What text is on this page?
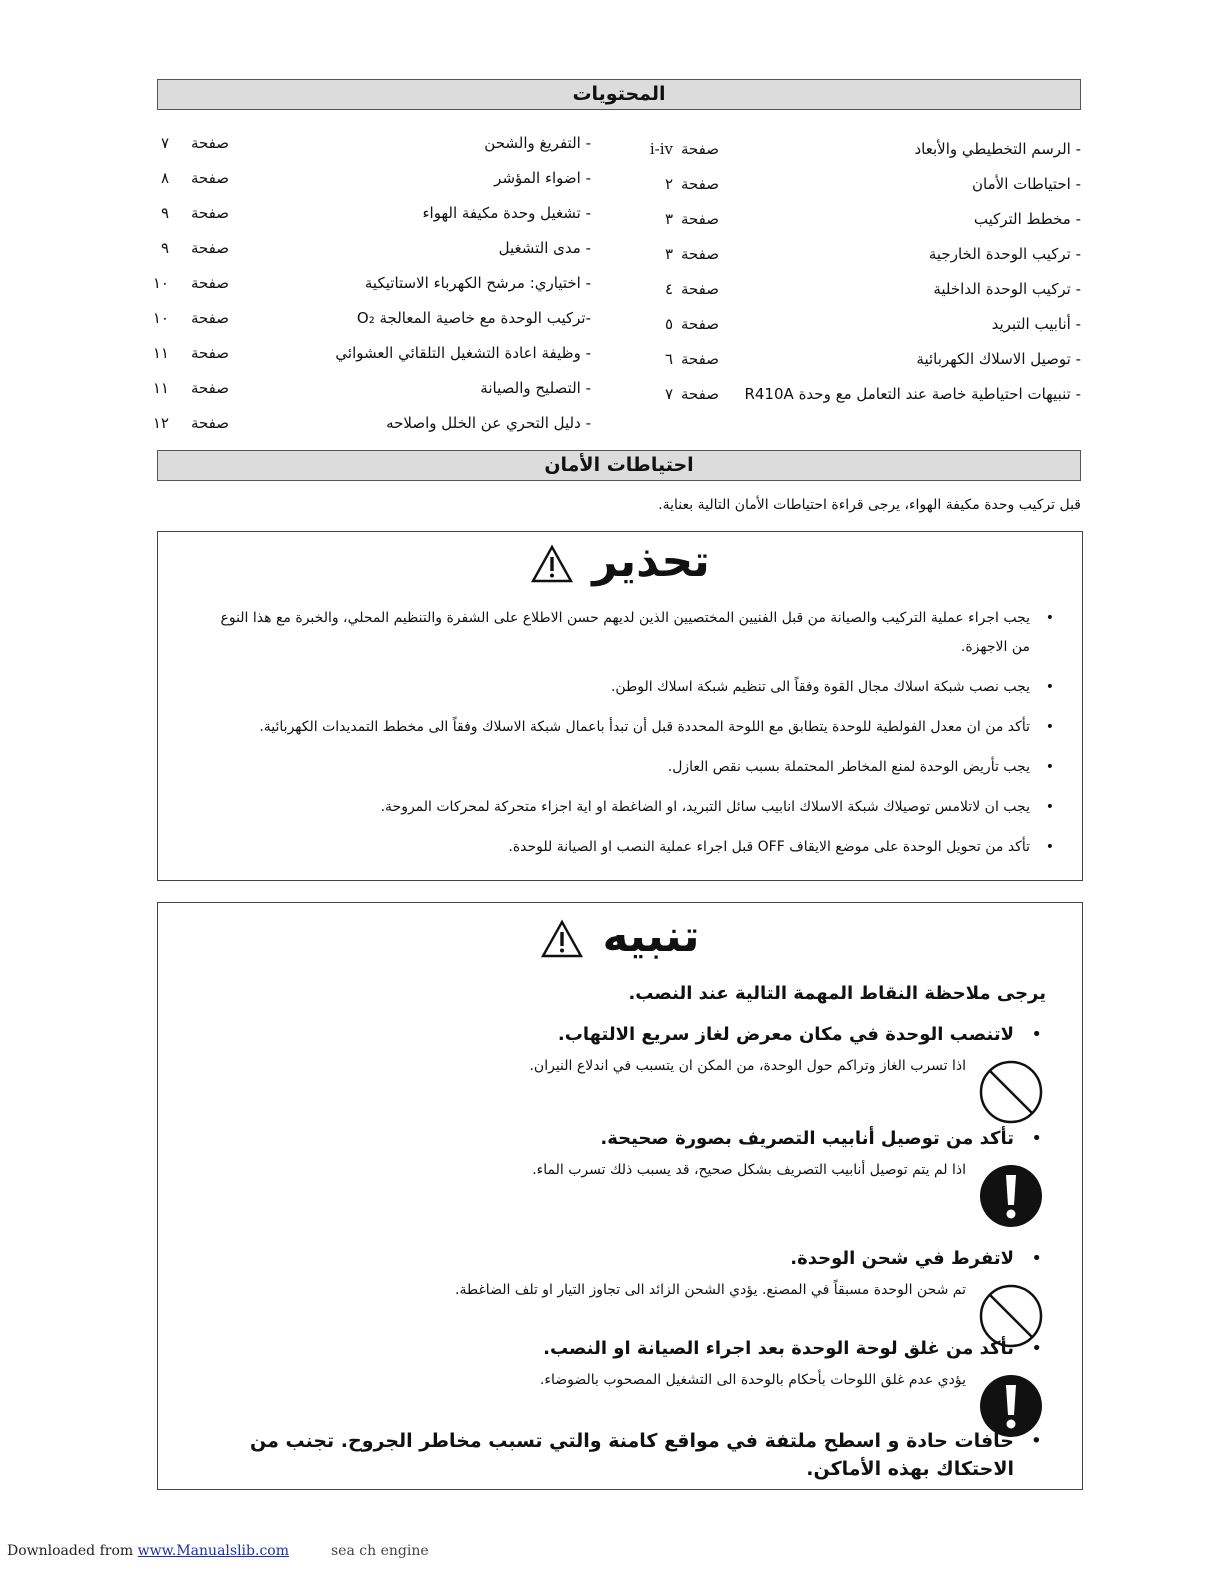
المحتويات
- الرسم التخطيطي والأبعاد
صفحة
i-iv
- احتياطات الأمان
صفحة
٢
- مخطط التركيب
صفحة
٣
- تركيب الوحدة الخارجية
صفحة
٣
- تركيب الوحدة الداخلية
صفحة
٤
- أنابيب التبريد
صفحة
٥
- توصيل الاسلاك الكهربائية
صفحة
٦
- تنبيهات احتياطية خاصة عند التعامل مع وحدة R410A
صفحة
٧
- التفريغ والشحن
صفحة
٧
- اضواء المؤشر
صفحة
٨
- تشغيل وحدة مكيفة الهواء
صفحة
٩
- مدى التشغيل
صفحة
٩
- اختياري: مرشح الكهرباء الاستاتيكية
صفحة
١٠
-تركيب الوحدة مع خاصية المعالجة O₂
صفحة
١٠
- وظيفة اعادة التشغيل التلقائي العشوائي
صفحة
١١
- التصليح والصيانة
صفحة
١١
- دليل التحري عن الخلل واصلاحه
صفحة
١٢
احتياطات الأمان
قبل تركيب وحدة مكيفة الهواء، يرجى قراءة احتياطات الأمان التالية بعناية.
تحذير
• يجب اجراء عملية التركيب والصيانة من قبل الفنيين المختصيين الذين لديهم حسن الاطلاع على الشفرة والتنظيم المحلي، والخبرة مع هذا النوع من الاجهزة.
• يجب نصب شبكة اسلاك مجال القوة وفقاً الى تنظيم شبكة اسلاك الوطن.
• تأكد من ان معدل الفولطية للوحدة يتطابق مع اللوحة المحددة قبل أن تبدأ باعمال شبكة الاسلاك وفقاً الى مخطط التمديدات الكهربائية.
• يجب تأريض الوحدة لمنع المخاطر المحتملة بسبب نقص العازل.
• يجب ان لاتلامس توصيلاك شبكة الاسلاك انابيب سائل التبريد، او الضاغطة او اية اجزاء متحركة لمحركات المروحة.
• تأكد من تحويل الوحدة على موضع الايقاف OFF قبل اجراء عملية النصب او الصيانة للوحدة.
تنبيه
يرجى ملاحظة النقاط المهمة التالية عند النصب.
• لاتنصب الوحدة في مكان معرض لغاز سريع الالتهاب.
اذا تسرب الغاز وتراكم حول الوحدة، من المكن ان يتسبب في اندلاع النيران.
• تأكد من توصيل أنابيب التصريف بصورة صحيحة.
اذا لم يتم توصيل أنابيب التصريف بشكل صحيح، قد يسبب ذلك تسرب الماء.
• لاتفرط في شحن الوحدة.
تم شحن الوحدة مسبقاً في المصنع. يؤدي الشحن الزائد الى تجاوز التيار او تلف الضاغطة.
• تأكد من غلق لوحة الوحدة بعد اجراء الصيانة او النصب.
يؤدي عدم غلق اللوحات بأحكام بالوحدة الى التشغيل المصحوب بالضوضاء.
• حافات حادة و اسطح ملتفة في مواقع كامنة والتي تسبب مخاطر الجروح. تجنب من الاحتكاك بهذه الأماكن.
Downloaded from www.Manualslib.com	sea ch engine
